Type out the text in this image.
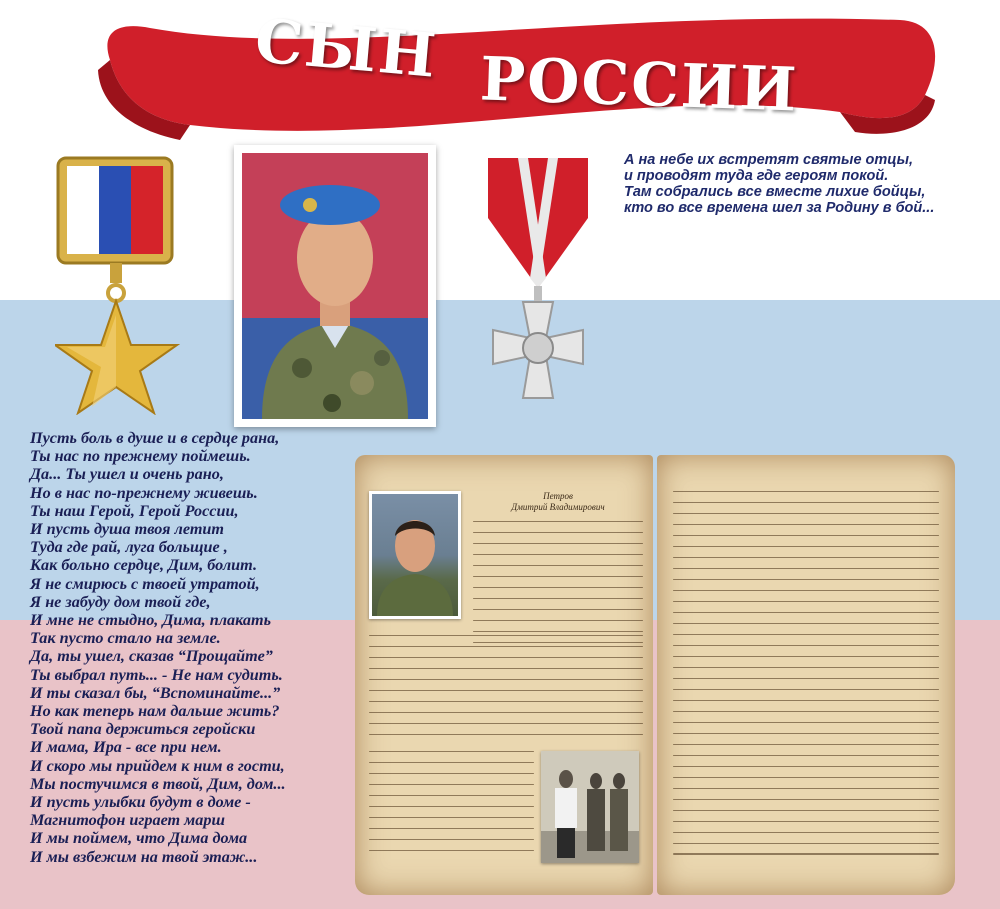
СЫН РОССИИ
А на небе их встретят святые отцы,
и проводят туда где героям покой.
Там собрались все вместе лихие бойцы,
кто во все времена шел за Родину в бой...
Пусть боль в душе и в сердце рана,
Ты нас по прежнему поймешь.
Да... Ты ушел и очень рано,
Но в нас по-прежнему живешь.
Ты наш Герой, Герой России,
И пусть душа твоя летит
Туда где рай, луга больщие ,
Как больно сердце, Дим, болит.
Я не смирюсь с твоей утратой,
Я не забуду дом твой где,
И мне не стыдно, Дима, плакать
Так пусто стало на земле.
Да, ты ушел, сказав “Прощайте”
Ты выбрал путь... - Не нам судить.
И ты сказал бы, “Вспоминайте...”
Но как теперь нам дальше жить?
Твой папа держиться геройски
И мама, Ира - все при нем.
И скоро мы прийдем к ним в гости,
Мы постучимся в твой, Дим, дом...
И пусть улыбки будут в доме -
Магнитофон играет марш
И мы поймем, что Дима дома
И мы взбежим на твой этаж...
Петров
Дмитрий Владимирович
